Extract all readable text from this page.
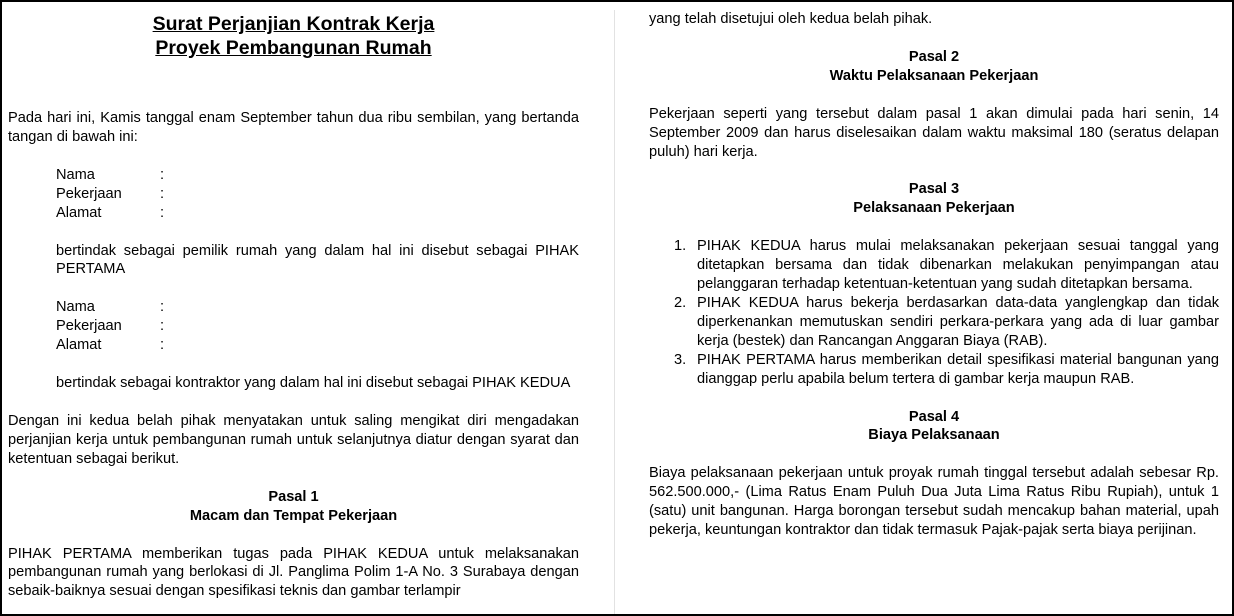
Surat Perjanjian Kontrak Kerja
Proyek Pembangunan Rumah

Pada hari ini, Kamis tanggal enam September tahun dua ribu sembilan, yang bertanda tangan di bawah ini:

Nama	:
Pekerjaan	:
Alamat	:

bertindak sebagai pemilik rumah yang dalam hal ini disebut sebagai PIHAK PERTAMA

Nama	:
Pekerjaan	:
Alamat	:

bertindak sebagai kontraktor yang dalam hal ini disebut sebagai PIHAK KEDUA

Dengan ini kedua belah pihak menyatakan untuk saling mengikat diri mengadakan perjanjian kerja untuk pembangunan rumah untuk selanjutnya diatur dengan syarat dan ketentuan sebagai berikut.

Pasal 1
Macam dan Tempat Pekerjaan

PIHAK PERTAMA memberikan tugas pada PIHAK KEDUA untuk melaksanakan pembangunan rumah yang berlokasi di Jl. Panglima Polim 1-A No. 3 Surabaya dengan sebaik-baiknya sesuai dengan spesifikasi teknis dan gambar terlampir

yang telah disetujui oleh kedua belah pihak.

Pasal 2
Waktu Pelaksanaan Pekerjaan

Pekerjaan seperti yang tersebut dalam pasal 1 akan dimulai pada hari senin, 14 September 2009 dan harus diselesaikan dalam waktu maksimal 180 (seratus delapan puluh) hari kerja.

Pasal 3
Pelaksanaan Pekerjaan
1. PIHAK KEDUA harus mulai melaksanakan pekerjaan sesuai tanggal yang ditetapkan bersama dan tidak dibenarkan melakukan penyimpangan atau pelanggaran terhadap ketentuan-ketentuan yang sudah ditetapkan bersama.
2. PIHAK KEDUA harus bekerja berdasarkan data-data yanglengkap dan tidak diperkenankan memutuskan sendiri perkara-perkara yang ada di luar gambar kerja (bestek) dan Rancangan Anggaran Biaya (RAB).
3. PIHAK PERTAMA harus memberikan detail spesifikasi material bangunan yang dianggap perlu apabila belum tertera di gambar kerja maupun RAB.
Pasal 4
Biaya Pelaksanaan

Biaya pelaksanaan pekerjaan untuk proyak rumah tinggal tersebut adalah sebesar Rp. 562.500.000,- (Lima Ratus Enam Puluh Dua Juta Lima Ratus Ribu Rupiah), untuk 1 (satu) unit bangunan. Harga borongan tersebut sudah mencakup bahan material, upah pekerja, keuntungan kontraktor dan tidak termasuk Pajak-pajak serta biaya perijinan.
